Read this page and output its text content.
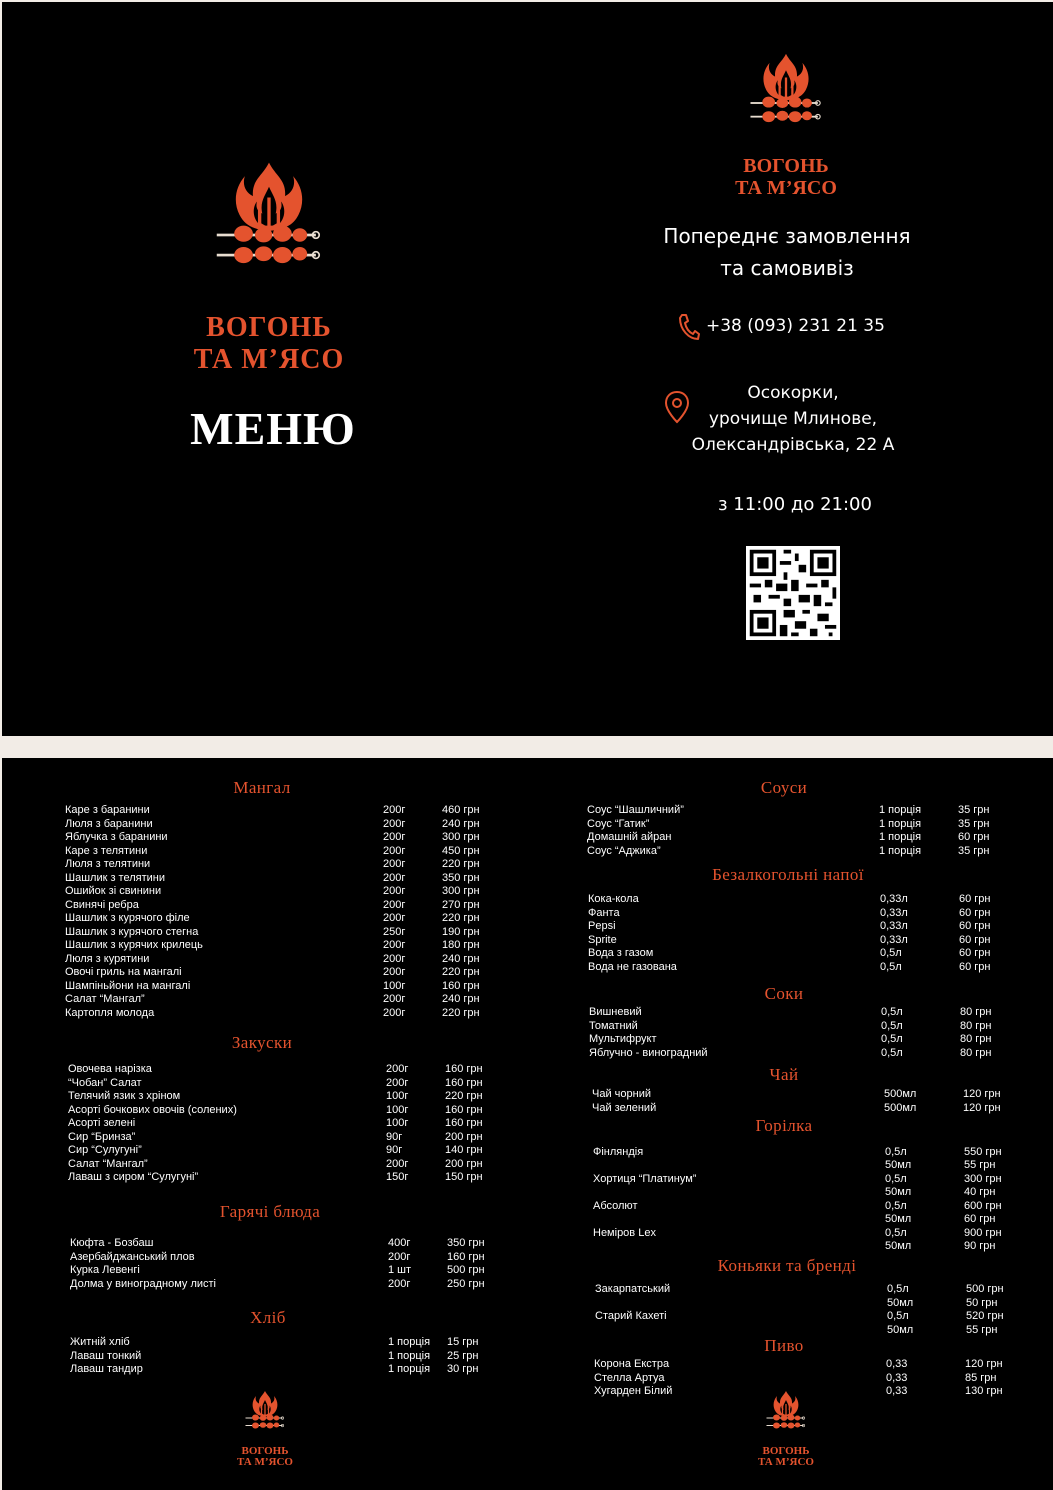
ВОГОНЬ
ТА М’ЯСО
МЕНЮ
ВОГОНЬ
ТА М’ЯСО
Попереднє замовлення
та самовивіз
+38 (093) 231 21 35
Осокорки,
урочище Млинове,
Олександрівська, 22 А
з 11:00 до 21:00
Мангал
Каре з баранини	200г	460 грн
Люля з баранини	200г	240 грн
Яблучка з баранини	200г	300 грн
Каре з телятини	200г	450 грн
Люля з телятини	200г	220 грн
Шашлик з телятини	200г	350 грн
Ошийок зі свинини	200г	300 грн
Свинячі ребра	200г	270 грн
Шашлик з курячого філе	200г	220 грн
Шашлик з курячого стегна	250г	190 грн
Шашлик з курячих крилець	200г	180 грн
Люля з курятини	200г	240 грн
Овочі гриль на мангалі	200г	220 грн
Шампіньйони на мангалі	100г	160 грн
Салат “Мангал”	200г	240 грн
Картопля молода	200г	220 грн
Закуски
Овочева нарізка	200г	160 грн
“Чобан” Салат	200г	160 грн
Телячий язик з хріном	100г	220 грн
Асорті бочкових овочів (солених)	100г	160 грн
Асорті зелені	100г	160 грн
Сир “Бринза”	90г	200 грн
Сир “Сулугуні”	90г	140 грн
Салат “Мангал”	200г	200 грн
Лаваш з сиром “Сулугуні”	150г	150 грн
Гарячі блюда
Кюфта - Бозбаш	400г	350 грн
Азербайджанський плов	200г	160 грн
Курка Левенгі	1 шт	500 грн
Долма у виноградному листі	200г	250 грн
Хліб
Житній хліб	1 порція 15 грн
Лаваш тонкий	1 порція 25 грн
Лаваш тандир	1 порція 30 грн
ВОГОНЬ
ТА М’ЯСО
Соуси
Соус “Шашличний”	1 порція	35 грн
Соус “Гатик”	1 порція	35 грн
Домашній айран	1 порція	60 грн
Соус “Аджика”	1 порція	35 грн
Безалкогольні напої
Кока-кола	0,33л	60 грн
Фанта	0,33л	60 грн
Pepsi	0,33л	60 грн
Sprite	0,33л	60 грн
Вода з газом	0,5л	60 грн
Вода не газована	0,5л	60 грн
Соки
Вишневий	0,5л	80 грн
Томатний	0,5л	80 грн
Мультифрукт	0,5л	80 грн
Яблучно - виноградний	0,5л	80 грн
Чай
Чай чорний	500мл	120 грн
Чай зелений	500мл	120 грн
Горілка
Фінляндія	0,5л	550 грн
50мл	55 грн
Хортиця “Платинум”	0,5л	300 грн
50мл	40 грн
Абсолют	0,5л	600 грн
50мл	60 грн
Неміров Lex	0,5л	900 грн
50мл	90 грн
Коньяки та бренді
Закарпатський	0,5л	500 грн
50мл	50 грн
Старий Кахеті	0,5л	520 грн
50мл	55 грн
Пиво
Корона Екстра	0,33	120 грн
Стелла Артуа	0,33	85 грн
Хугарден Білий	0,33	130 грн
ВОГОНЬ
ТА М’ЯСО
